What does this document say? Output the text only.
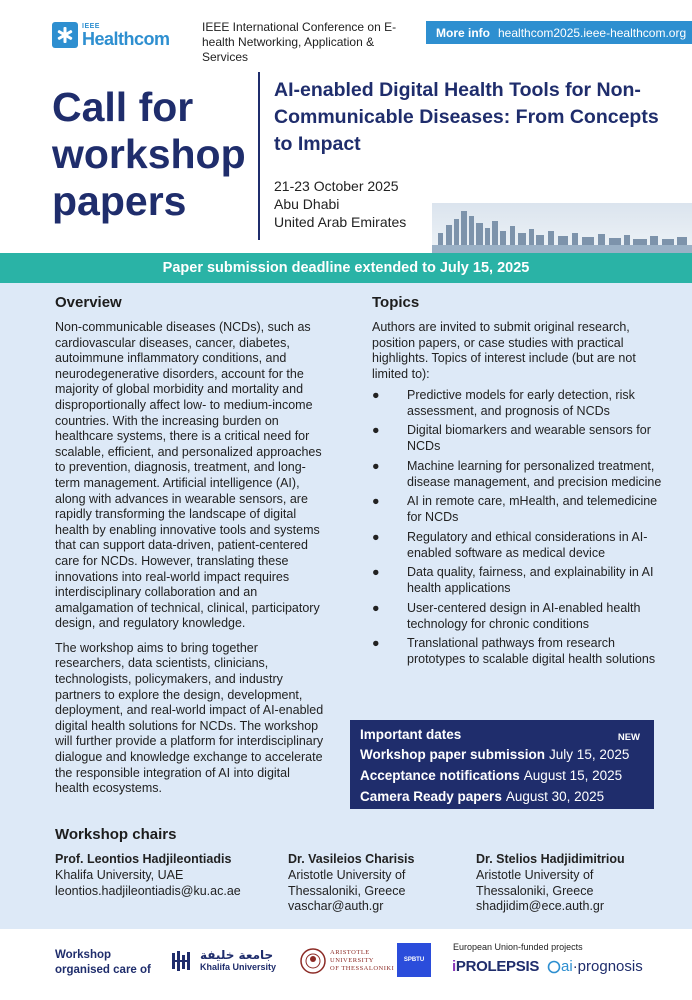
IEEE
Healthcom
IEEE International Conference on E-health Networking, Application & Services
More info healthcom2025.ieee-healthcom.org
Call for workshop papers
AI-enabled Digital Health Tools for Non-Communicable Diseases: From Concepts to Impact
21-23 October 2025
Abu Dhabi
United Arab Emirates
Paper submission deadline extended to July 15, 2025
Overview

Non-communicable diseases (NCDs), such as cardiovascular diseases, cancer, diabetes, autoimmune inflammatory conditions, and neurodegenerative disorders, account for the majority of global morbidity and mortality and disproportionally affect low- to medium-income countries. With the increasing burden on healthcare systems, there is a critical need for scalable, efficient, and personalized approaches to prevention, diagnosis, treatment, and long-term management. Artificial intelligence (AI), along with advances in wearable sensors, are rapidly transforming the landscape of digital health by enabling innovative tools and systems that can support data-driven, patient-centered care for NCDs. However, translating these innovations into real-world impact requires interdisciplinary collaboration and an amalgamation of technical, clinical, participatory design, and regulatory knowledge.

The workshop aims to bring together researchers, data scientists, clinicians, technologists, policymakers, and industry partners to explore the design, development, deployment, and real-world impact of AI-enabled digital health solutions for NCDs. The workshop will further provide a platform for interdisciplinary dialogue and knowledge exchange to accelerate the responsible integration of AI into digital health ecosystems.

Topics
Authors are invited to submit original research, position papers, or case studies with practical highlights. Topics of interest include (but are not limited to):
● Predictive models for early detection, risk assessment, and prognosis of NCDs
● Digital biomarkers and wearable sensors for NCDs
● Machine learning for personalized treatment, disease management, and precision medicine
● AI in remote care, mHealth, and telemedicine for NCDs
● Regulatory and ethical considerations in AI-enabled software as medical device
● Data quality, fairness, and explainability in AI health applications
● User-centered design in AI-enabled health technology for chronic conditions
● Translational pathways from research prototypes to scalable digital health solutions
Important dates	NEW
Workshop paper submission July 15, 2025
Acceptance notifications August 15, 2025
Camera Ready papers August 30, 2025
Workshop chairs
Prof. Leontios Hadjileontiadis
Khalifa University, UAE
leontios.hadjileontiadis@ku.ac.ae
Dr. Vasileios Charisis
Aristotle University of Thessaloniki, Greece
vaschar@auth.gr
Dr. Stelios Hadjidimitriou
Aristotle University of Thessaloniki, Greece
shadjidim@ece.auth.gr
Workshop organised care of
جامعة خليفة
Khalifa University
ARISTOTLE
UNIVERSITY
OF THESSALONIKI
SPBTU
European Union-funded projects
iPROLEPSIS ai ·prognosis
